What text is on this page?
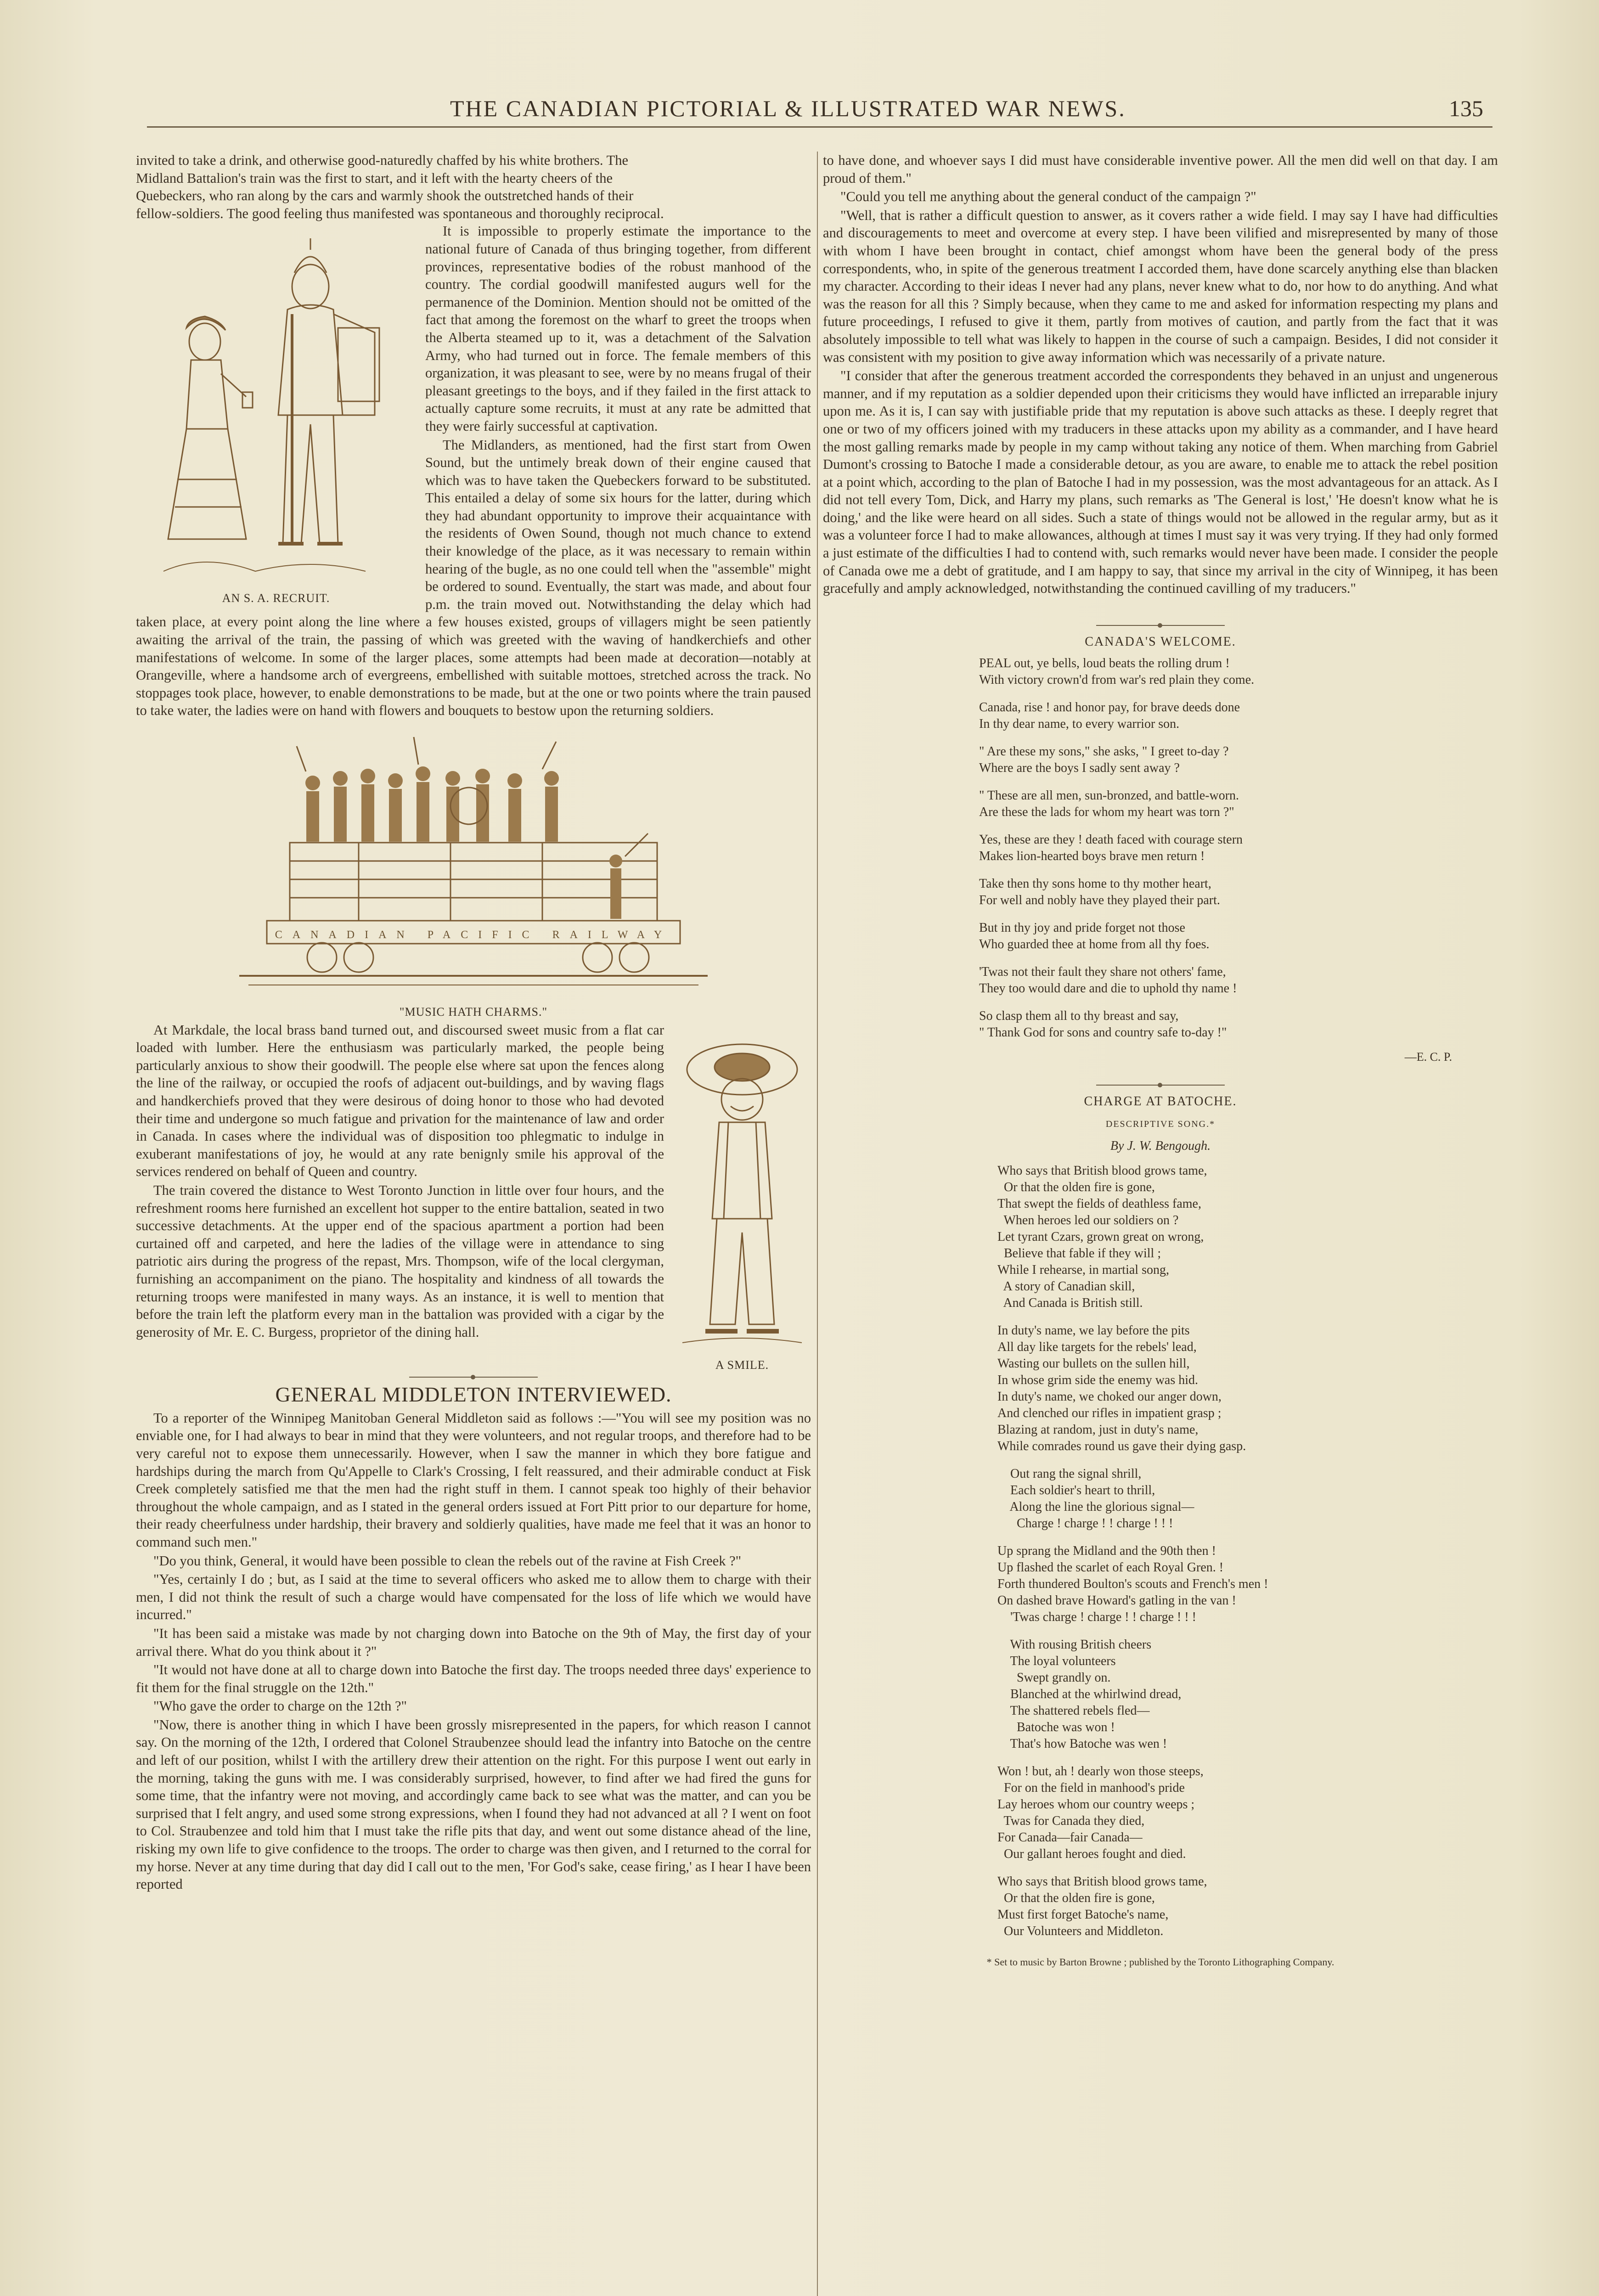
THE CANADIAN PICTORIAL & ILLUSTRATED WAR NEWS.	135
invited to take a drink, and otherwise good-naturedly chaffed by his white brothers. The
Midland Battalion's train was the first to start, and it left with the hearty cheers of the
Quebeckers, who ran along by the cars and warmly shook the outstretched hands of their
fellow-soldiers. The good feeling thus manifested was spontaneous and thoroughly reciprocal.
AN S. A. RECRUIT.

It is impossible to properly estimate the importance to the national future of Canada of thus bringing together, from different provinces, representative bodies of the robust manhood of the country. The cordial goodwill manifested augurs well for the permanence of the Dominion. Mention should not be omitted of the fact that among the foremost on the wharf to greet the troops when the Alberta steamed up to it, was a detachment of the Salvation Army, who had turned out in force. The female members of this organization, it was pleasant to see, were by no means frugal of their pleasant greetings to the boys, and if they failed in the first attack to actually capture some recruits, it must at any rate be admitted that they were fairly successful at captivation.

The Midlanders, as mentioned, had the first start from Owen Sound, but the untimely break down of their engine caused that which was to have taken the Quebeckers forward to be substituted. This entailed a delay of some six hours for the latter, during which they had abundant opportunity to improve their acquaintance with the residents of Owen Sound, though not much chance to extend their knowledge of the place, as it was necessary to remain within hearing of the bugle, as no one could tell when the "assemble" might be ordered to sound. Eventually, the start was made, and about four p.m. the train moved out. Notwithstanding the delay which had taken place, at every point along the line where a few houses existed, groups of villagers might be seen patiently awaiting the arrival of the train, the passing of which was greeted with the waving of handkerchiefs and other manifestations of welcome. In some of the larger places, some attempts had been made at decoration—notably at Orangeville, where a handsome arch of evergreens, embellished with suitable mottoes, stretched across the track. No stoppages took place, however, to enable demonstrations to be made, but at the one or two points where the train paused to take water, the ladies were on hand with flowers and bouquets to bestow upon the returning soldiers.

CANADIAN PACIFIC RAILWAY
"MUSIC HATH CHARMS."
A SMILE.

At Markdale, the local brass band turned out, and discoursed sweet music from a flat car loaded with lumber. Here the enthusiasm was particularly marked, the people being particularly anxious to show their goodwill. The people else where sat upon the fences along the line of the railway, or occupied the roofs of adjacent out-buildings, and by waving flags and handkerchiefs proved that they were desirous of doing honor to those who had devoted their time and undergone so much fatigue and privation for the maintenance of law and order in Canada. In cases where the individual was of disposition too phlegmatic to indulge in exuberant manifestations of joy, he would at any rate benignly smile his approval of the services rendered on behalf of Queen and country.

The train covered the distance to West Toronto Junction in little over four hours, and the refreshment rooms here furnished an excellent hot supper to the entire battalion, seated in two successive detachments. At the upper end of the spacious apartment a portion had been curtained off and carpeted, and here the ladies of the village were in attendance to sing patriotic airs during the progress of the repast, Mrs. Thompson, wife of the local clergyman, furnishing an accompaniment on the piano. The hospitality and kindness of all towards the returning troops were manifested in many ways. As an instance, it is well to mention that before the train left the platform every man in the battalion was provided with a cigar by the generosity of Mr. E. C. Burgess, proprietor of the dining hall.

GENERAL MIDDLETON INTERVIEWED.

To a reporter of the Winnipeg Manitoban General Middleton said as follows :—"You will see my position was no enviable one, for I had always to bear in mind that they were volunteers, and not regular troops, and therefore had to be very careful not to expose them unnecessarily. However, when I saw the manner in which they bore fatigue and hardships during the march from Qu'Appelle to Clark's Crossing, I felt reassured, and their admirable conduct at Fisk Creek completely satisfied me that the men had the right stuff in them. I cannot speak too highly of their behavior throughout the whole campaign, and as I stated in the general orders issued at Fort Pitt prior to our departure for home, their ready cheerfulness under hardship, their bravery and soldierly qualities, have made me feel that it was an honor to command such men."

"Do you think, General, it would have been possible to clean the rebels out of the ravine at Fish Creek ?"

"Yes, certainly I do ; but, as I said at the time to several officers who asked me to allow them to charge with their men, I did not think the result of such a charge would have compensated for the loss of life which we would have incurred."

"It has been said a mistake was made by not charging down into Batoche on the 9th of May, the first day of your arrival there. What do you think about it ?"

"It would not have done at all to charge down into Batoche the first day. The troops needed three days' experience to fit them for the final struggle on the 12th."

"Who gave the order to charge on the 12th ?"

"Now, there is another thing in which I have been grossly misrepresented in the papers, for which reason I cannot say. On the morning of the 12th, I ordered that Colonel Straubenzee should lead the infantry into Batoche on the centre and left of our position, whilst I with the artillery drew their attention on the right. For this purpose I went out early in the morning, taking the guns with me. I was considerably surprised, however, to find after we had fired the guns for some time, that the infantry were not moving, and accordingly came back to see what was the matter, and can you be surprised that I felt angry, and used some strong expressions, when I found they had not advanced at all ? I went on foot to Col. Straubenzee and told him that I must take the rifle pits that day, and went out some distance ahead of the line, risking my own life to give confidence to the troops. The order to charge was then given, and I returned to the corral for my horse. Never at any time during that day did I call out to the men, 'For God's sake, cease firing,' as I hear I have been reported

to have done, and whoever says I did must have considerable inventive power. All the men did well on that day. I am proud of them."

"Could you tell me anything about the general conduct of the campaign ?"

"Well, that is rather a difficult question to answer, as it covers rather a wide field. I may say I have had difficulties and discouragements to meet and overcome at every step. I have been vilified and misrepresented by many of those with whom I have been brought in contact, chief amongst whom have been the general body of the press correspondents, who, in spite of the generous treatment I accorded them, have done scarcely anything else than blacken my character. According to their ideas I never had any plans, never knew what to do, nor how to do anything. And what was the reason for all this ? Simply because, when they came to me and asked for information respecting my plans and future proceedings, I refused to give it them, partly from motives of caution, and partly from the fact that it was absolutely impossible to tell what was likely to happen in the course of such a campaign. Besides, I did not consider it was consistent with my position to give away information which was necessarily of a private nature.

"I consider that after the generous treatment accorded the correspondents they behaved in an unjust and ungenerous manner, and if my reputation as a soldier depended upon their criticisms they would have inflicted an irreparable injury upon me. As it is, I can say with justifiable pride that my reputation is above such attacks as these. I deeply regret that one or two of my officers joined with my traducers in these attacks upon my ability as a commander, and I have heard the most galling remarks made by people in my camp without taking any notice of them. When marching from Gabriel Dumont's crossing to Batoche I made a considerable detour, as you are aware, to enable me to attack the rebel position at a point which, according to the plan of Batoche I had in my possession, was the most advantageous for an attack. As I did not tell every Tom, Dick, and Harry my plans, such remarks as 'The General is lost,' 'He doesn't know what he is doing,' and the like were heard on all sides. Such a state of things would not be allowed in the regular army, but as it was a volunteer force I had to make allowances, although at times I must say it was very trying. If they had only formed a just estimate of the difficulties I had to contend with, such remarks would never have been made. I consider the people of Canada owe me a debt of gratitude, and I am happy to say, that since my arrival in the city of Winnipeg, it has been gracefully and amply acknowledged, notwithstanding the continued cavilling of my traducers."

CANADA'S WELCOME.
PEAL out, ye bells, loud beats the rolling drum !
With victory crown'd from war's red plain they come.
Canada, rise ! and honor pay, for brave deeds done
In thy dear name, to every warrior son.
" Are these my sons," she asks, " I greet to-day ?
Where are the boys I sadly sent away ?
" These are all men, sun-bronzed, and battle-worn.
Are these the lads for whom my heart was torn ?"
Yes, these are they ! death faced with courage stern
Makes lion-hearted boys brave men return !
Take then thy sons home to thy mother heart,
For well and nobly have they played their part.
But in thy joy and pride forget not those
Who guarded thee at home from all thy foes.
'Twas not their fault they share not others' fame,
They too would dare and die to uphold thy name !
So clasp them all to thy breast and say,
" Thank God for sons and country safe to-day !"
—E. C. P.
CHARGE AT BATOCHE.
DESCRIPTIVE SONG.*
By J. W. Bengough.
Who says that British blood grows tame,
Or that the olden fire is gone,
That swept the fields of deathless fame,
When heroes led our soldiers on ?
Let tyrant Czars, grown great on wrong,
Believe that fable if they will ;
While I rehearse, in martial song,
A story of Canadian skill,
And Canada is British still.
In duty's name, we lay before the pits
All day like targets for the rebels' lead,
Wasting our bullets on the sullen hill,
In whose grim side the enemy was hid.
In duty's name, we choked our anger down,
And clenched our rifles in impatient grasp ;
Blazing at random, just in duty's name,
While comrades round us gave their dying gasp.
Out rang the signal shrill,
Each soldier's heart to thrill,
Along the line the glorious signal—
Charge ! charge ! ! charge ! ! !
Up sprang the Midland and the 90th then !
Up flashed the scarlet of each Royal Gren. !
Forth thundered Boulton's scouts and French's men !
On dashed brave Howard's gatling in the van !
'Twas charge ! charge ! ! charge ! ! !
With rousing British cheers
The loyal volunteers
Swept grandly on.
Blanched at the whirlwind dread,
The shattered rebels fled—
Batoche was won !
That's how Batoche was wen !
Won ! but, ah ! dearly won those steeps,
For on the field in manhood's pride
Lay heroes whom our country weeps ;
Twas for Canada they died,
For Canada—fair Canada—
Our gallant heroes fought and died.
Who says that British blood grows tame,
Or that the olden fire is gone,
Must first forget Batoche's name,
Our Volunteers and Middleton.
* Set to music by Barton Browne ; published by the Toronto Lithographing Company.
